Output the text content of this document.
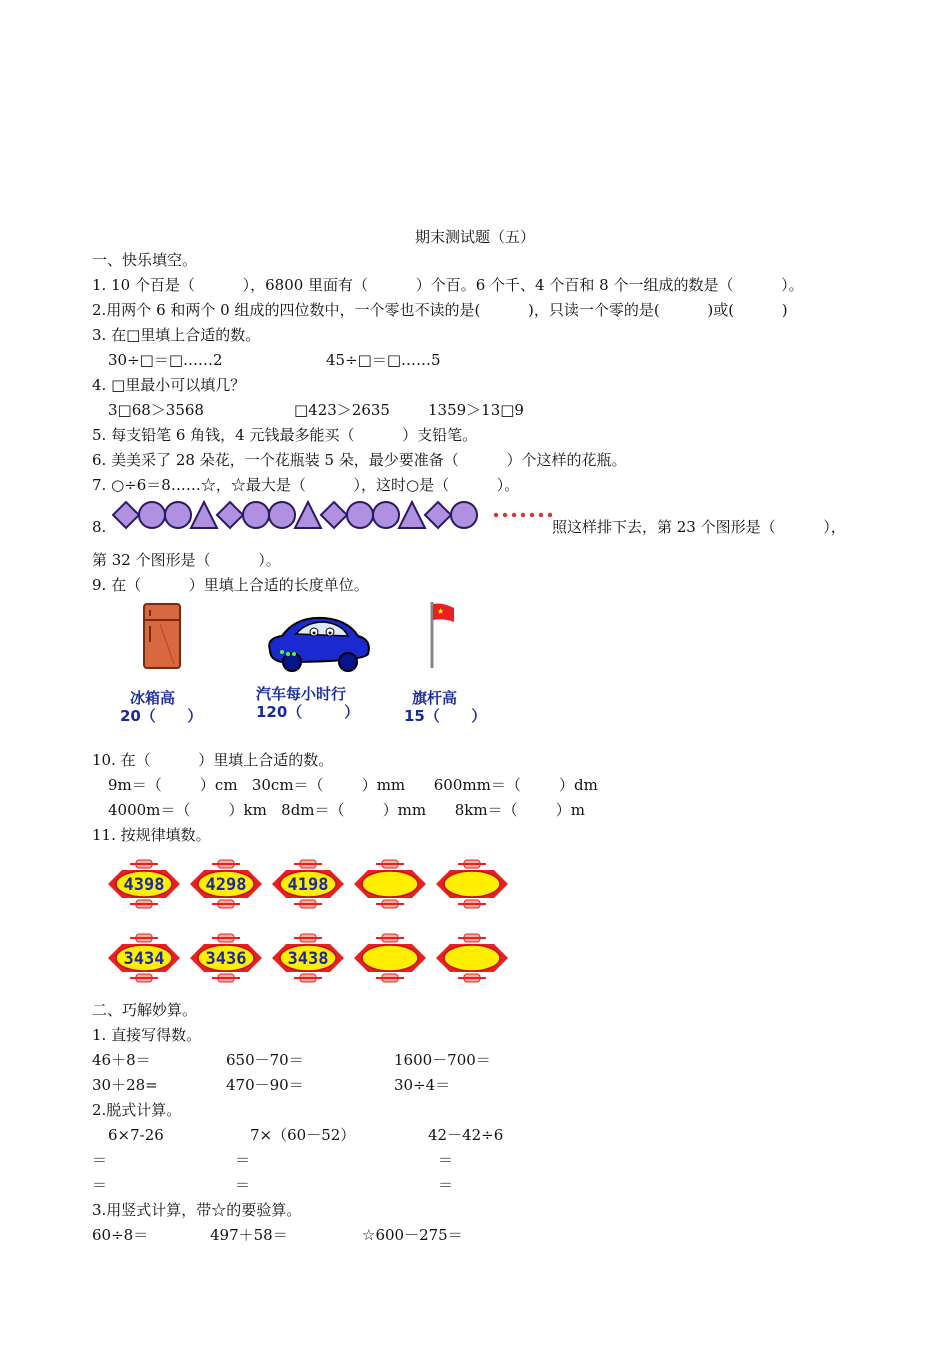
期末测试题（五）
一、快乐填空。
1. 10 个百是（          ），6800 里面有（          ）个百。6 个千、4 个百和 8 个一组成的数是（          ）。
2.用两个 6 和两个 0 组成的四位数中，一个零也不读的是(          )，只读一个零的是(          )或(          )
3. 在□里填上合适的数。
30÷□＝□……2	45÷□＝□……5
4. □里最小可以填几？
3□68＞3568	□423＞2635	1359＞13□9
5. 每支铅笔 6 角钱，4 元钱最多能买（          ）支铅笔。
6. 美美采了 28 朵花，一个花瓶装 5 朵，最少要准备（          ）个这样的花瓶。
7. ○÷6＝8……☆，☆最大是（          ），这时○是（          ）。
8.	照这样排下去，第 23 个图形是（          ），
第 32 个图形是（          ）。
9. 在（          ）里填上合适的长度单位。
★
冰箱高
20（      ）
汽车每小时行
120（        ）
旗杆高
15（      ）
10. 在（          ）里填上合适的数。
9m＝（        ）cm   30cm＝（        ）mm      600mm＝（        ）dm
4000m＝（        ）km   8dm＝（        ）mm      8km＝（        ）m
11. 按规律填数。
4398 4298 4198
3434 3436 3438
二、巧解妙算。
1. 直接写得数。
46＋8＝	650－70＝	1600－700＝
30＋28=	470－90＝	30÷4＝
2.脱式计算。
6×7-26	7×（60－52）	42－42÷6
＝	＝	＝
＝	＝	＝
3.用竖式计算，带☆的要验算。
60÷8＝	497＋58＝	☆600－275＝
